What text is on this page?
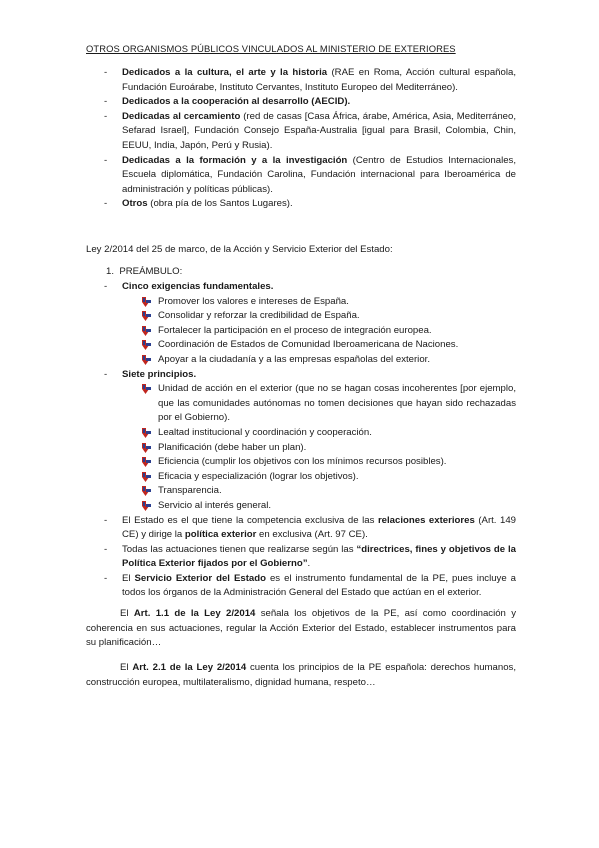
OTROS ORGANISMOS PÚBLICOS VINCULADOS AL MINISTERIO DE EXTERIORES
- Dedicados a la cultura, el arte y la historia (RAE en Roma, Acción cultural española, Fundación Euroárabe, Instituto Cervantes, Instituto Europeo del Mediterráneo).
- Dedicados a la cooperación al desarrollo (AECID).
- Dedicadas al cercamiento (red de casas [Casa África, árabe, América, Asia, Mediterráneo, Sefarad Israel], Fundación Consejo España-Australia [igual para Brasil, Colombia, Chin, EEUU, India, Japón, Perú y Rusia).
- Dedicadas a la formación y a la investigación (Centro de Estudios Internacionales, Escuela diplomática, Fundación Carolina, Fundación internacional para Iberoamérica de administración y políticas públicas).
- Otros (obra pía de los Santos Lugares).
Ley 2/2014 del 25 de marco, de la Acción y Servicio Exterior del Estado:
1. PREÁMBULO:
- Cinco exigencias fundamentales.
Promover los valores e intereses de España.
Consolidar y reforzar la credibilidad de España.
Fortalecer la participación en el proceso de integración europea.
Coordinación de Estados de Comunidad Iberoamericana de Naciones.
Apoyar a la ciudadanía y a las empresas españolas del exterior.
- Siete principios.
Unidad de acción en el exterior (que no se hagan cosas incoherentes [por ejemplo, que las comunidades autónomas no tomen decisiones que hayan sido rechazadas por el Gobierno).
Lealtad institucional y coordinación y cooperación.
Planificación (debe haber un plan).
Eficiencia (cumplir los objetivos con los mínimos recursos posibles).
Eficacia y especialización (lograr los objetivos).
Transparencia.
Servicio al interés general.
- El Estado es el que tiene la competencia exclusiva de las relaciones exteriores (Art. 149 CE) y dirige la política exterior en exclusiva (Art. 97 CE).
- Todas las actuaciones tienen que realizarse según las “directrices, fines y objetivos de la Política Exterior fijados por el Gobierno”.
- El Servicio Exterior del Estado es el instrumento fundamental de la PE, pues incluye a todos los órganos de la Administración General del Estado que actúan en el exterior.
El Art. 1.1 de la Ley 2/2014 señala los objetivos de la PE, así como coordinación y coherencia en sus actuaciones, regular la Acción Exterior del Estado, establecer instrumentos para su planificación…
El Art. 2.1 de la Ley 2/2014 cuenta los principios de la PE española: derechos humanos, construcción europea, multilateralismo, dignidad humana, respeto…
